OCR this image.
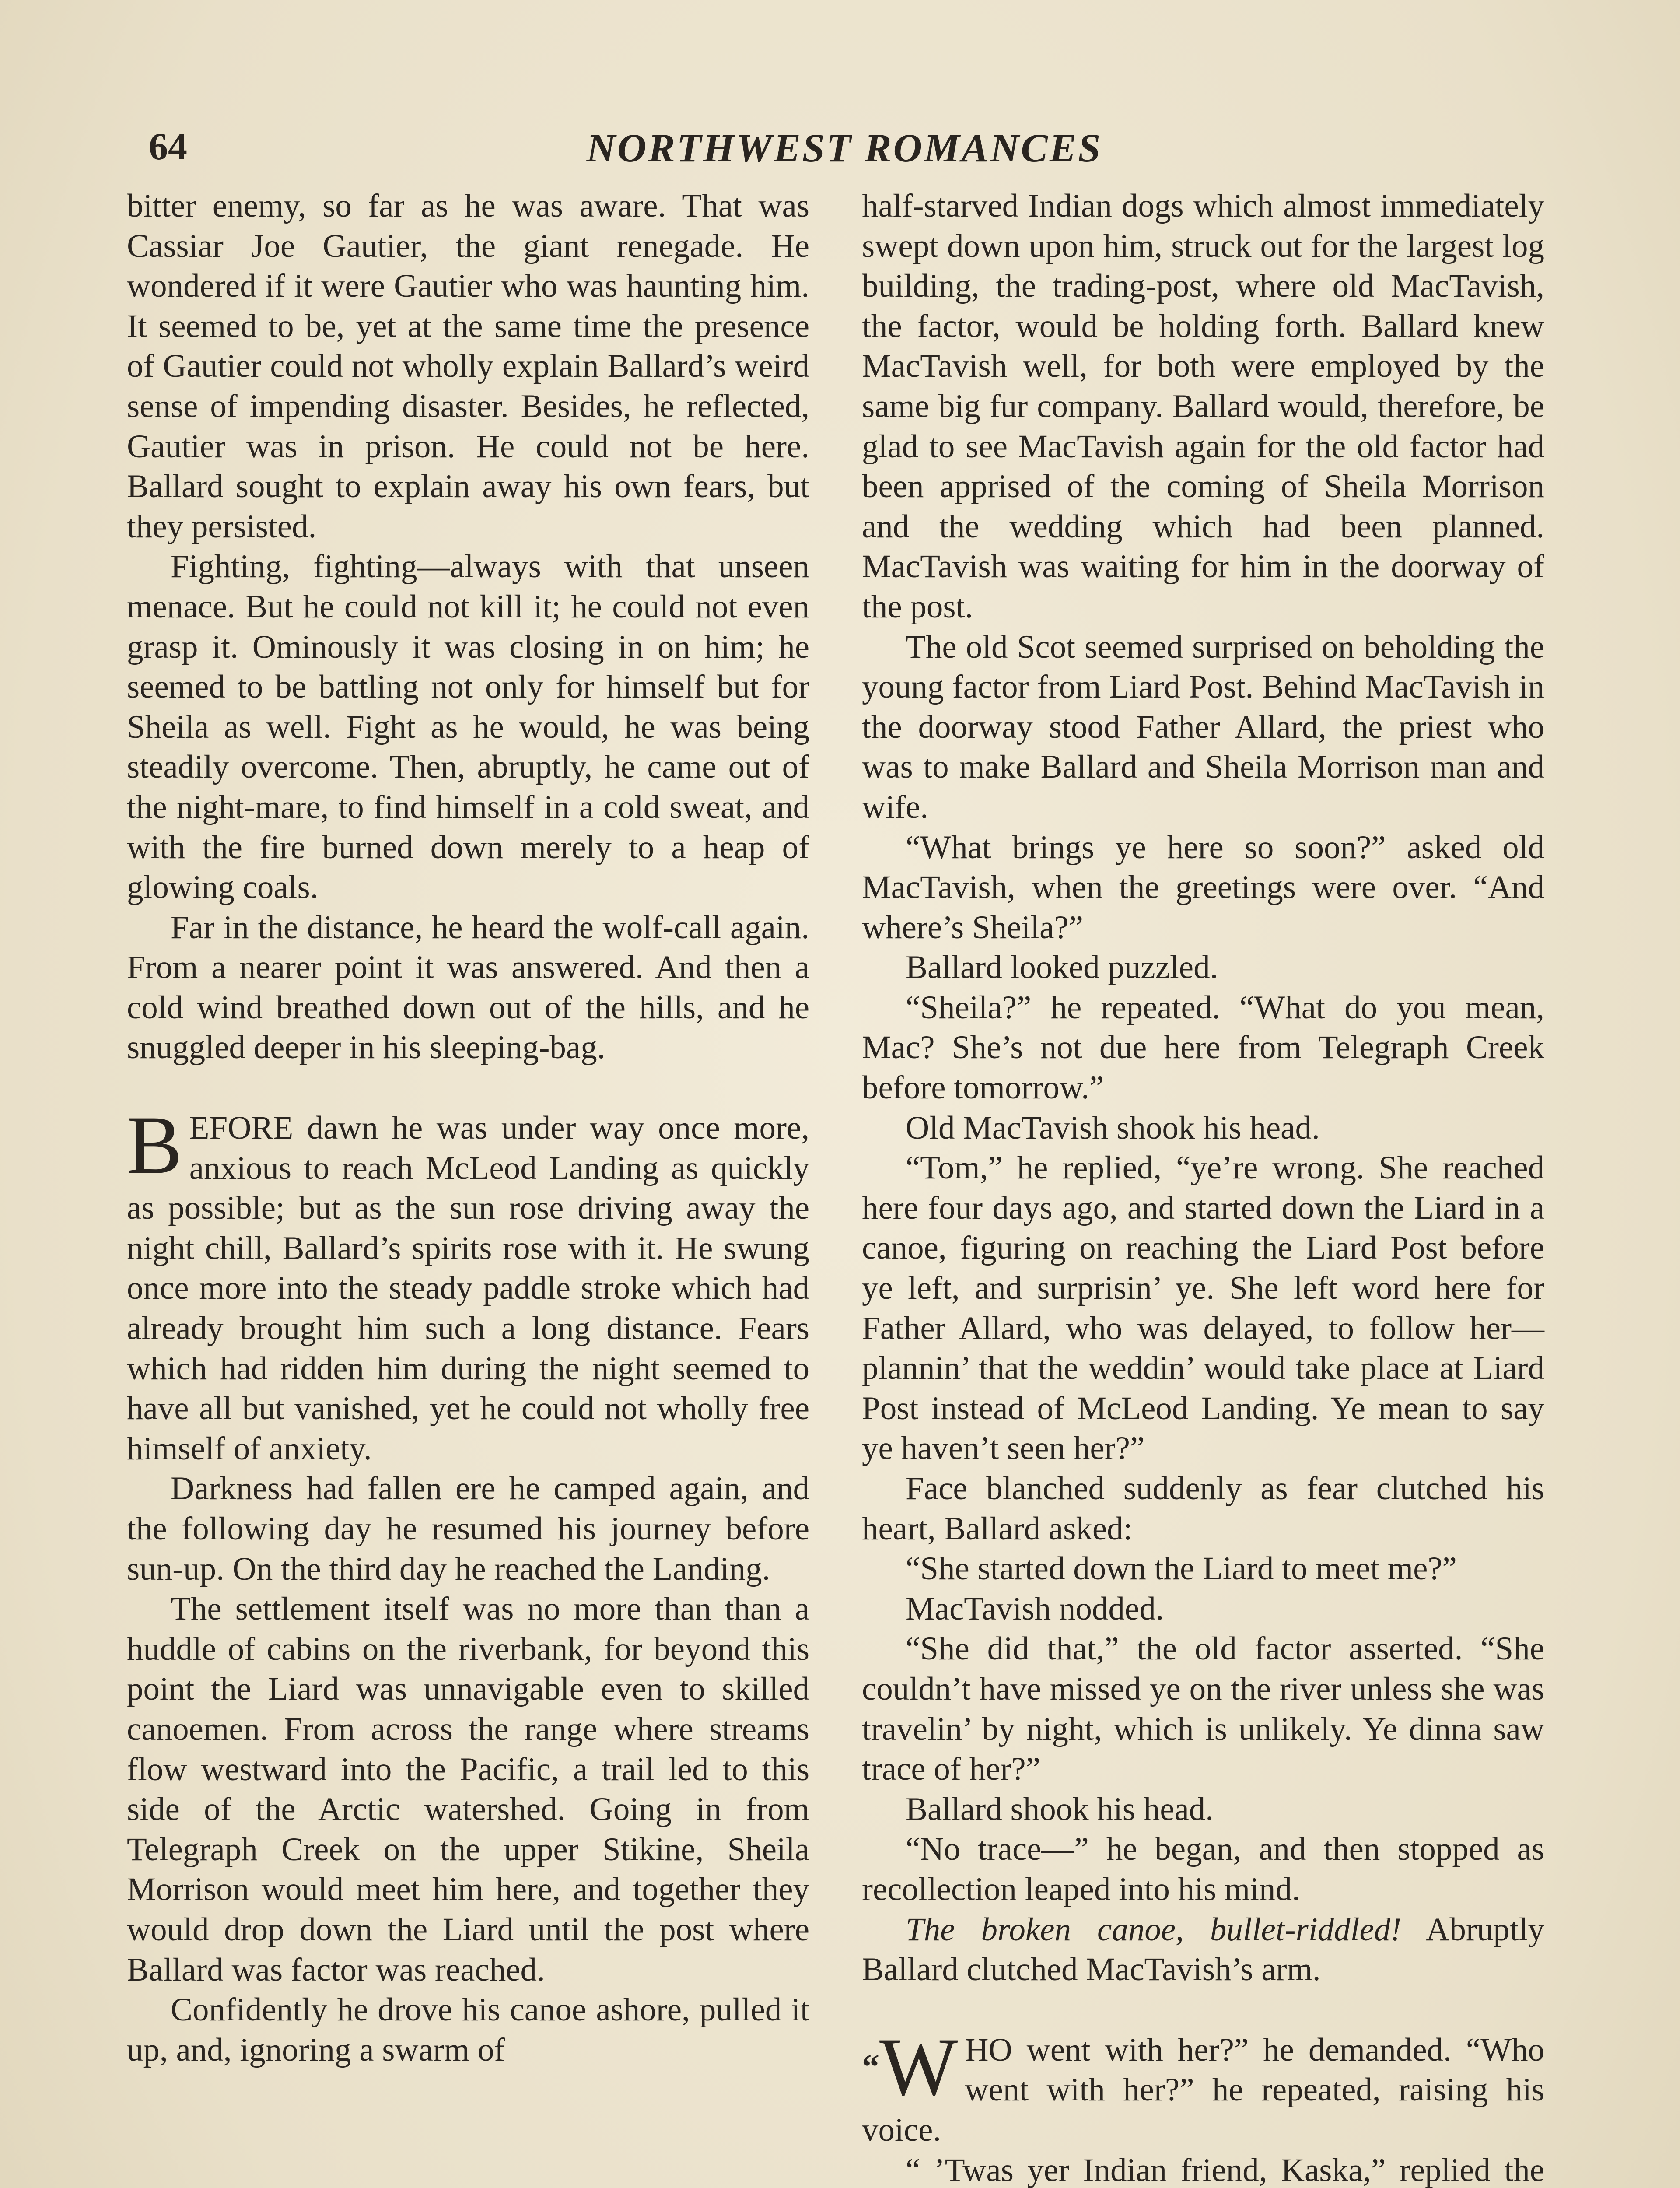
64	NORTHWEST ROMANCES

bitter enemy, so far as he was aware. That was Cassiar Joe Gautier, the giant renegade. He wondered if it were Gautier who was haunting him. It seemed to be, yet at the same time the presence of Gautier could not wholly explain Ballard’s weird sense of impending disaster. Besides, he reflected, Gautier was in prison. He could not be here. Ballard sought to explain away his own fears, but they persisted.

Fighting, fighting—always with that unseen menace. But he could not kill it; he could not even grasp it. Ominously it was closing in on him; he seemed to be battling not only for himself but for Sheila as well. Fight as he would, he was being steadily overcome. Then, abruptly, he came out of the night-mare, to find himself in a cold sweat, and with the fire burned down merely to a heap of glowing coals.

Far in the distance, he heard the wolf-call again. From a nearer point it was answered. And then a cold wind breathed down out of the hills, and he snuggled deeper in his sleeping-bag.

BEFORE dawn he was under way once more, anxious to reach McLeod Landing as quickly as possible; but as the sun rose driving away the night chill, Ballard’s spirits rose with it. He swung once more into the steady paddle stroke which had already brought him such a long distance. Fears which had ridden him during the night seemed to have all but vanished, yet he could not wholly free himself of anxiety.

Darkness had fallen ere he camped again, and the following day he resumed his journey before sun-up. On the third day he reached the Landing.

The settlement itself was no more than than a huddle of cabins on the riverbank, for beyond this point the Liard was unnavigable even to skilled canoemen. From across the range where streams flow westward into the Pacific, a trail led to this side of the Arctic watershed. Going in from Telegraph Creek on the upper Stikine, Sheila Morrison would meet him here, and together they would drop down the Liard until the post where Ballard was factor was reached.

Confidently he drove his canoe ashore, pulled it up, and, ignoring a swarm of

half-starved Indian dogs which almost immediately swept down upon him, struck out for the largest log building, the trading-post, where old MacTavish, the factor, would be holding forth. Ballard knew MacTavish well, for both were employed by the same big fur company. Ballard would, therefore, be glad to see MacTavish again for the old factor had been apprised of the coming of Sheila Morrison and the wedding which had been planned. MacTavish was waiting for him in the doorway of the post.

The old Scot seemed surprised on beholding the young factor from Liard Post. Behind MacTavish in the doorway stood Father Allard, the priest who was to make Ballard and Sheila Morrison man and wife.

“What brings ye here so soon?” asked old MacTavish, when the greetings were over. “And where’s Sheila?”

Ballard looked puzzled.

“Sheila?” he repeated. “What do you mean, Mac? She’s not due here from Telegraph Creek before tomorrow.”

Old MacTavish shook his head.

“Tom,” he replied, “ye’re wrong. She reached here four days ago, and started down the Liard in a canoe, figuring on reaching the Liard Post before ye left, and surprisin’ ye. She left word here for Father Allard, who was delayed, to follow her—plannin’ that the weddin’ would take place at Liard Post instead of McLeod Landing. Ye mean to say ye haven’t seen her?”

Face blanched suddenly as fear clutched his heart, Ballard asked:

“She started down the Liard to meet me?”

MacTavish nodded.

“She did that,” the old factor asserted. “She couldn’t have missed ye on the river unless she was travelin’ by night, which is unlikely. Ye dinna saw trace of her?”

Ballard shook his head.

“No trace—” he began, and then stopped as recollection leaped into his mind.

The broken canoe, bullet-riddled! Abruptly Ballard clutched MacTavish’s arm.

“W HO went with her?” he demanded. “Who went with her?” he repeated, raising his voice.

“ ’Twas yer Indian friend, Kaska,” replied the
